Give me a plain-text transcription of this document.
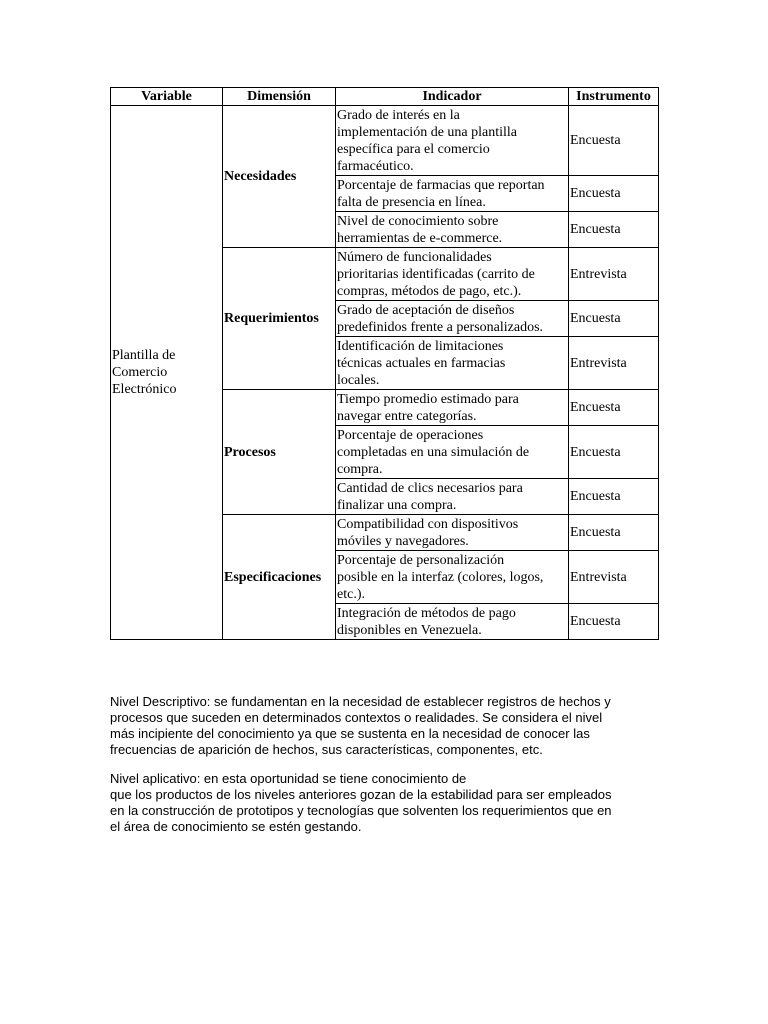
Variable	Dimensión	Indicador	Instrumento
Plantilla de
Comercio
Electrónico	Necesidades	Grado de interés en la
implementación de una plantilla
específica para el comercio
farmacéutico.	Encuesta
		Porcentaje de farmacias que reportan
falta de presencia en línea.	Encuesta
		Nivel de conocimiento sobre
herramientas de e-commerce.	Encuesta
	Requerimientos	Número de funcionalidades
prioritarias identificadas (carrito de
compras, métodos de pago, etc.).	Entrevista
		Grado de aceptación de diseños
predefinidos frente a personalizados.	Encuesta
		Identificación de limitaciones
técnicas actuales en farmacias
locales.	Entrevista
	Procesos	Tiempo promedio estimado para
navegar entre categorías.	Encuesta
		Porcentaje de operaciones
completadas en una simulación de
compra.	Encuesta
		Cantidad de clics necesarios para
finalizar una compra.	Encuesta
	Especificaciones	Compatibilidad con dispositivos
móviles y navegadores.	Encuesta
		Porcentaje de personalización
posible en la interfaz (colores, logos,
etc.).	Entrevista
		Integración de métodos de pago
disponibles en Venezuela.	Encuesta

Nivel Descriptivo: se fundamentan en la necesidad de establecer registros de hechos y
procesos que suceden en determinados contextos o realidades. Se considera el nivel
más incipiente del conocimiento ya que se sustenta en la necesidad de conocer las
frecuencias de aparición de hechos, sus características, componentes, etc.

Nivel aplicativo: en esta oportunidad se tiene conocimiento de
que los productos de los niveles anteriores gozan de la estabilidad para ser empleados
en la construcción de prototipos y tecnologías que solventen los requerimientos que en
el área de conocimiento se estén gestando.
